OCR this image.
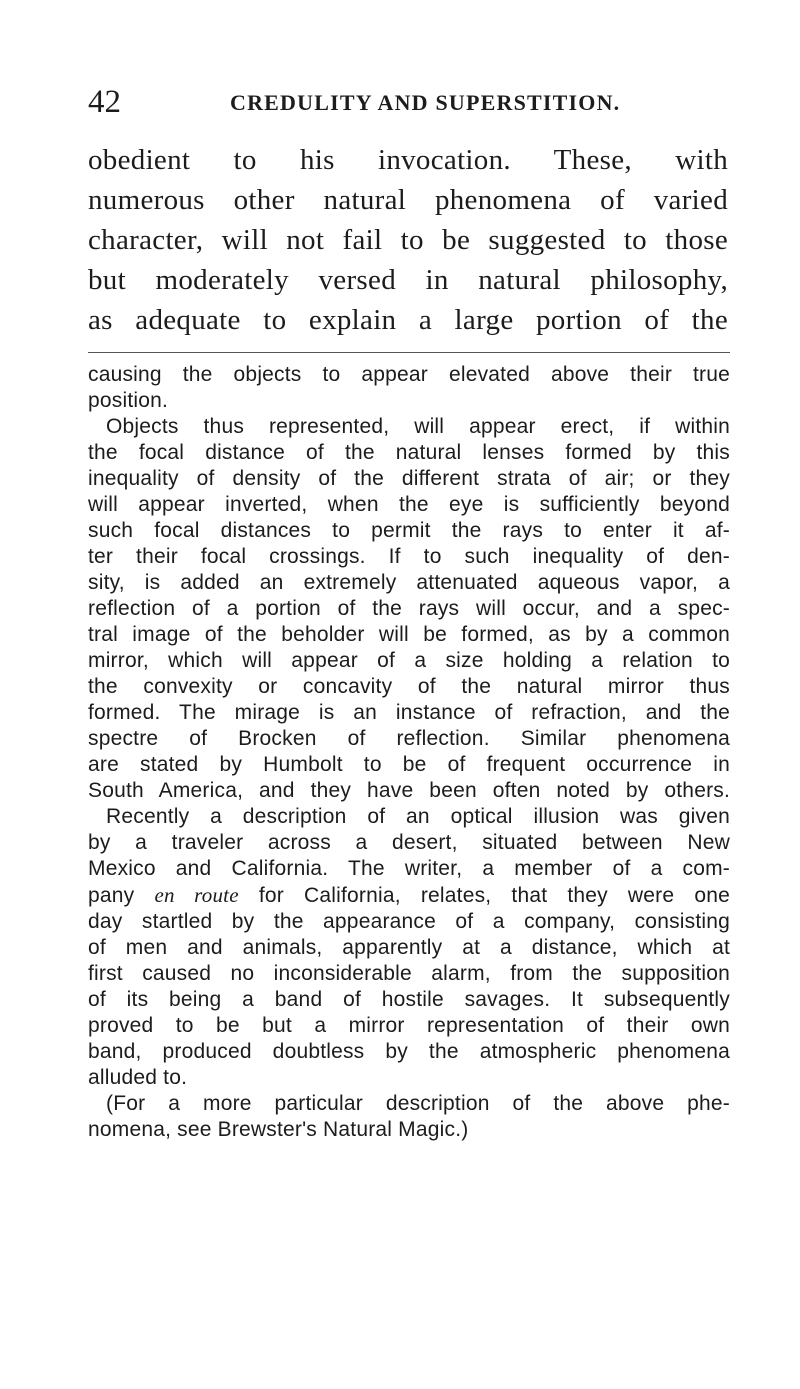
42	CREDULITY AND SUPERSTITION.
obedient to his invocation. These, with
numerous other natural phenomena of varied
character, will not fail to be suggested to those
but moderately versed in natural philosophy,
as adequate to explain a large portion of the
causing the objects to appear elevated above their true
position.
Objects thus represented, will appear erect, if within
the focal distance of the natural lenses formed by this
inequality of density of the different strata of air; or they
will appear inverted, when the eye is sufficiently beyond
such focal distances to permit the rays to enter it af-
ter their focal crossings. If to such inequality of den-
sity, is added an extremely attenuated aqueous vapor, a
reflection of a portion of the rays will occur, and a spec-
tral image of the beholder will be formed, as by a common
mirror, which will appear of a size holding a relation to
the convexity or concavity of the natural mirror thus
formed. The mirage is an instance of refraction, and the
spectre of Brocken of reflection. Similar phenomena
are stated by Humbolt to be of frequent occurrence in
South America, and they have been often noted by others.
Recently a description of an optical illusion was given
by a traveler across a desert, situated between New
Mexico and California. The writer, a member of a com-
pany en route for California, relates, that they were one
day startled by the appearance of a company, consisting
of men and animals, apparently at a distance, which at
first caused no inconsiderable alarm, from the supposition
of its being a band of hostile savages. It subsequently
proved to be but a mirror representation of their own
band, produced doubtless by the atmospheric phenomena
alluded to.
(For a more particular description of the above phe-
nomena, see Brewster's Natural Magic.)
